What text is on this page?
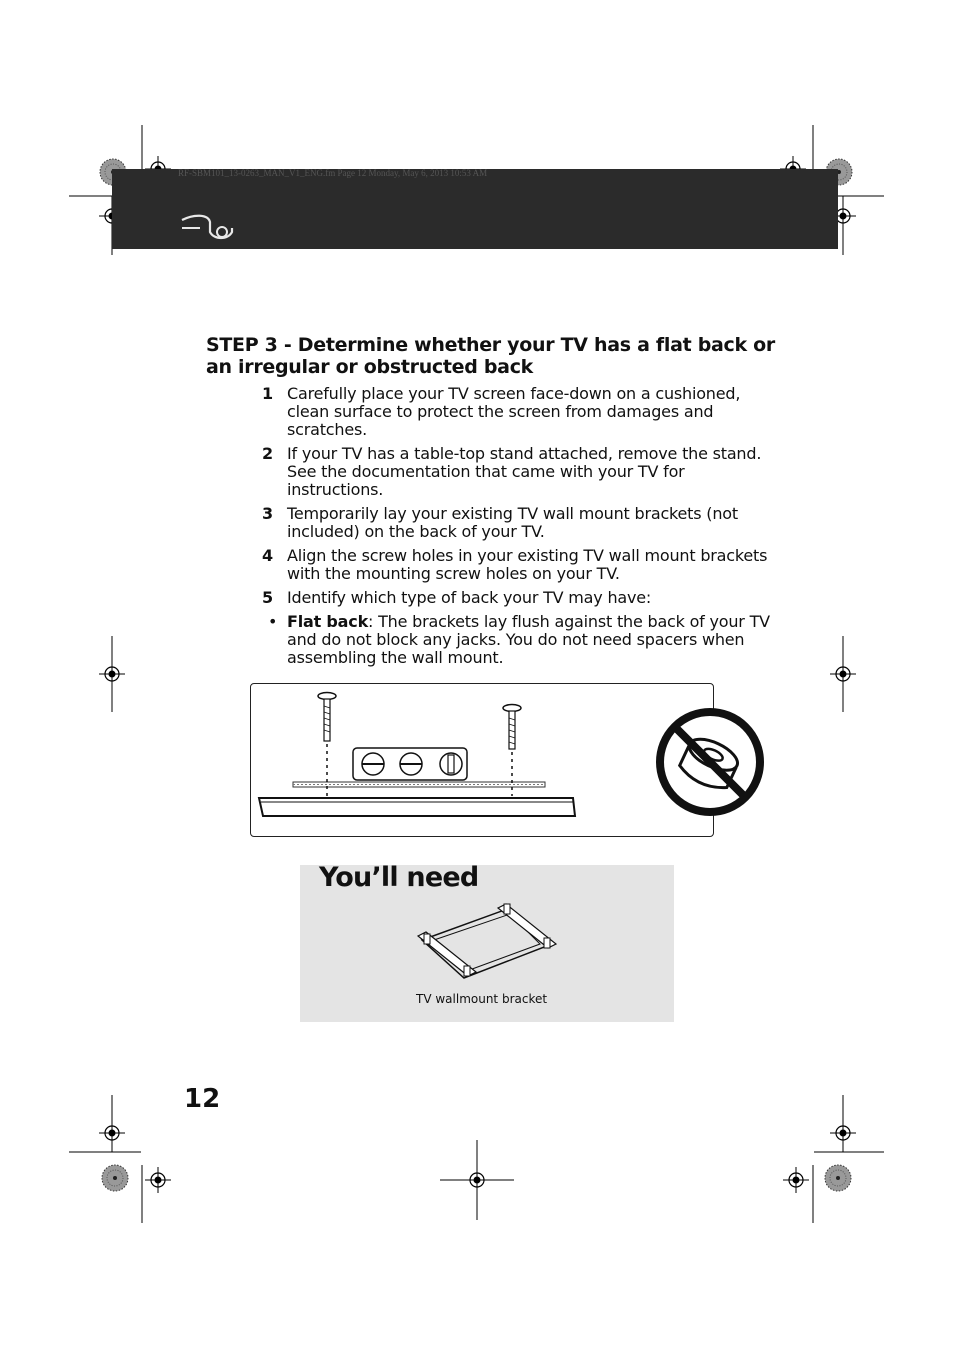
RF-SBM101_13-0263_MAN_V1_ENG.fm Page 12 Monday, May 6, 2013 10:53 AM
STEP 3 - Determine whether your TV has a flat back or an irregular or obstructed back
1 Carefully place your TV screen face-down on a cushioned, clean surface to protect the screen from damages and scratches.
2 If your TV has a table-top stand attached, remove the stand. See the documentation that came with your TV for instructions.
3 Temporarily lay your existing TV wall mount brackets (not included) on the back of your TV.
4 Align the screw holes in your existing TV wall mount brackets with the mounting screw holes on your TV.
5 Identify which type of back your TV may have:
• Flat back: The brackets lay flush against the back of your TV and do not block any jacks. You do not need spacers when assembling the wall mount.
You’ll need
TV wallmount bracket
12
